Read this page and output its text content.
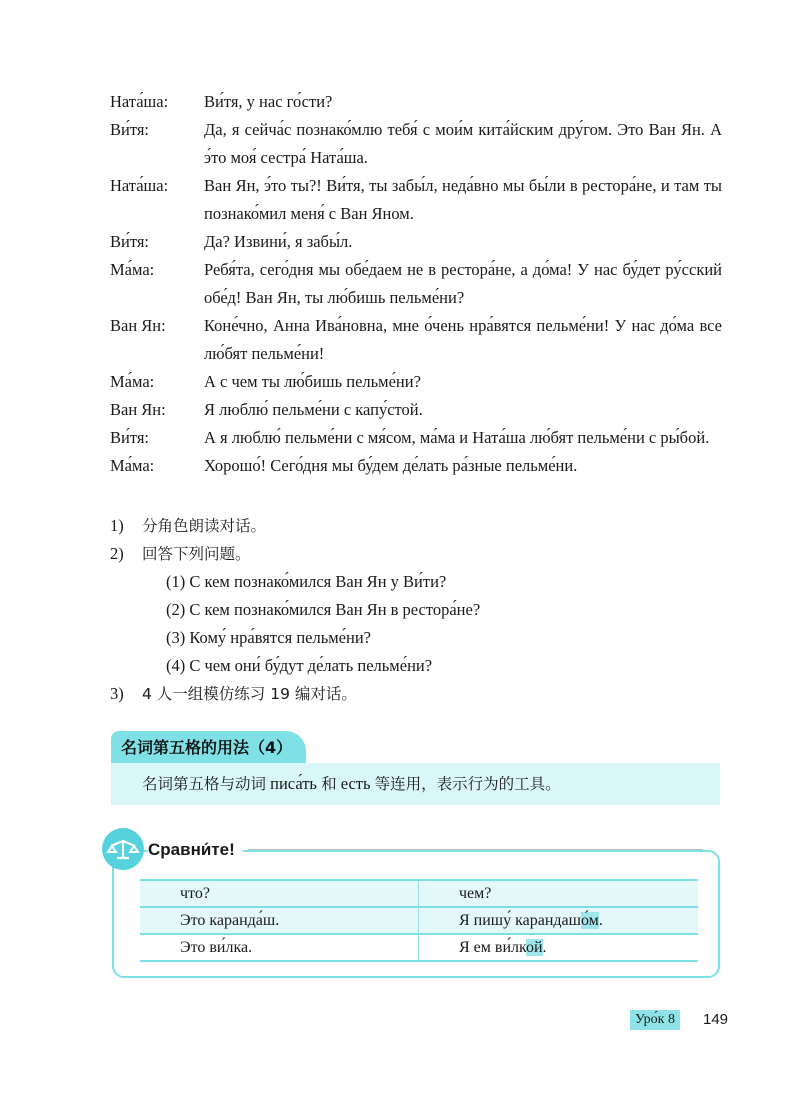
Ната́ша:	Ви́тя, у нас го́сти?
Ви́тя:	Да, я сейча́с познако́млю тебя́ с мои́м кита́йским дру́гом. Это Ван Ян. А э́то моя́ сестра́ Ната́ша.
Ната́ша:	Ван Ян, э́то ты?! Ви́тя, ты забы́л, неда́вно мы бы́ли в рестора́не, и там ты познако́мил меня́ с Ван Яном.
Ви́тя:	Да? Извини́, я забы́л.
Ма́ма:	Ребя́та, сего́дня мы обе́даем не в рестора́не, а до́ма! У нас бу́дет ру́сский обе́д! Ван Ян, ты лю́бишь пельме́ни?
Ван Ян:	Коне́чно, Анна Ива́новна, мне о́чень нра́вятся пельме́ни! У нас до́ма все лю́бят пельме́ни!
Ма́ма:	А с чем ты лю́бишь пельме́ни?
Ван Ян:	Я люблю́ пельме́ни с капу́стой.
Ви́тя:	А я люблю́ пельме́ни с мя́сом, ма́ма и Ната́ша лю́бят пельме́ни с ры́бой.
Ма́ма:	Хорошо́! Сего́дня мы бу́дем де́лать ра́зные пельме́ни.
1)	分角色朗读对话。
2)	回答下列问题。
(1) С кем познако́мился Ван Ян у Ви́ти?
(2) С кем познако́мился Ван Ян в рестора́не?
(3) Кому́ нра́вятся пельме́ни?
(4) С чем они́ бу́дут де́лать пельме́ни?
3)	4 人一组模仿练习 19 编对话。
名词第五格的用法（4）
名词第五格与动词 писа́ть 和 есть 等连用，表示行为的工具。
Сравни́те!
что?	чем?
Это каранда́ш.	Я пишу́ карандашо́м.
Это ви́лка.	Я ем ви́лкой.
Уро́к 8	149
